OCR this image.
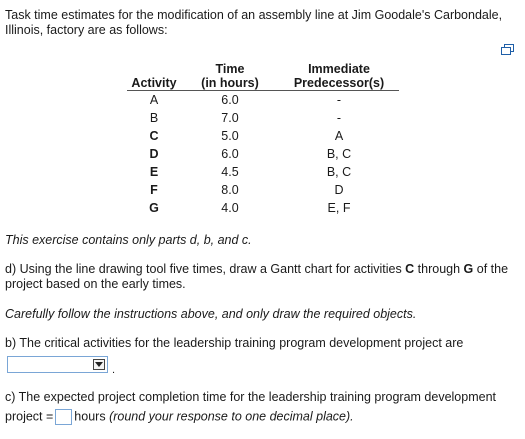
Task time estimates for the modification of an assembly line at Jim Goodale's Carbondale, Illinois, factory are as follows:
Activity	Time
(in hours)	Immediate
Predecessor(s)
A	6.0	-
B	7.0	-
C	5.0	A
D	6.0	B, C
E	4.5	B, C
F	8.0	D
G	4.0	E, F
This exercise contains only parts d, b, and c.
d) Using the line drawing tool five times, draw a Gantt chart for activities C through G of the project based on the early times.
Carefully follow the instructions above, and only draw the required objects.
b) The critical activities for the leadership training program development project are
.
c) The expected project completion time for the leadership training program development
project = hours (round your response to one decimal place).
